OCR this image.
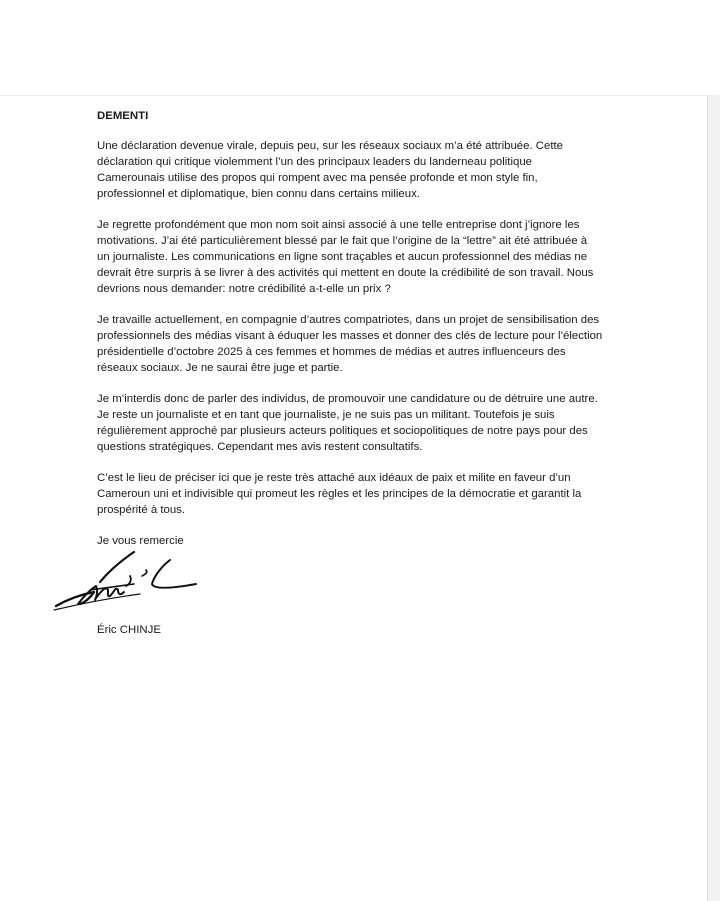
DEMENTI

Une déclaration devenue virale, depuis peu, sur les réseaux sociaux m’a été attribuée. Cette
déclaration qui critique violemment l’un des principaux leaders du landerneau politique
Camerounais utilise des propos qui rompent avec ma pensée profonde et mon style fin,
professionnel et diplomatique, bien connu dans certains milieux.

Je regrette profondément que mon nom soit ainsi associé à une telle entreprise dont j’ignore les
motivations. J’ai été particulièrement blessé par le fait que l’origine de la “lettre” ait été attribuée à
un journaliste. Les communications en ligne sont traçables et aucun professionnel des médias ne
devrait être surpris à se livrer à des activités qui mettent en doute la crédibilité de son travail. Nous
devrions nous demander: notre crédibilité a-t-elle un prix ?

Je travaille actuellement, en compagnie d’autres compatriotes, dans un projet de sensibilisation des
professionnels des médias visant à éduquer les masses et donner des clés de lecture pour l’élection
présidentielle d’octobre 2025 à ces femmes et hommes de médias et autres influenceurs des
réseaux sociaux. Je ne saurai être juge et partie.

Je m’interdis donc de parler des individus, de promouvoir une candidature ou de détruire une autre.
Je reste un journaliste et en tant que journaliste, je ne suis pas un militant. Toutefois je suis
régulièrement approché par plusieurs acteurs politiques et sociopolitiques de notre pays pour des
questions stratégiques. Cependant mes avis restent consultatifs.

C’est le lieu de préciser ici que je reste très attaché aux idéaux de paix et milite en faveur d’un
Cameroun uni et indivisible qui promeut les règles et les principes de la démocratie et garantit la
prospérité à tous.

Je vous remercie

Éric CHINJE
